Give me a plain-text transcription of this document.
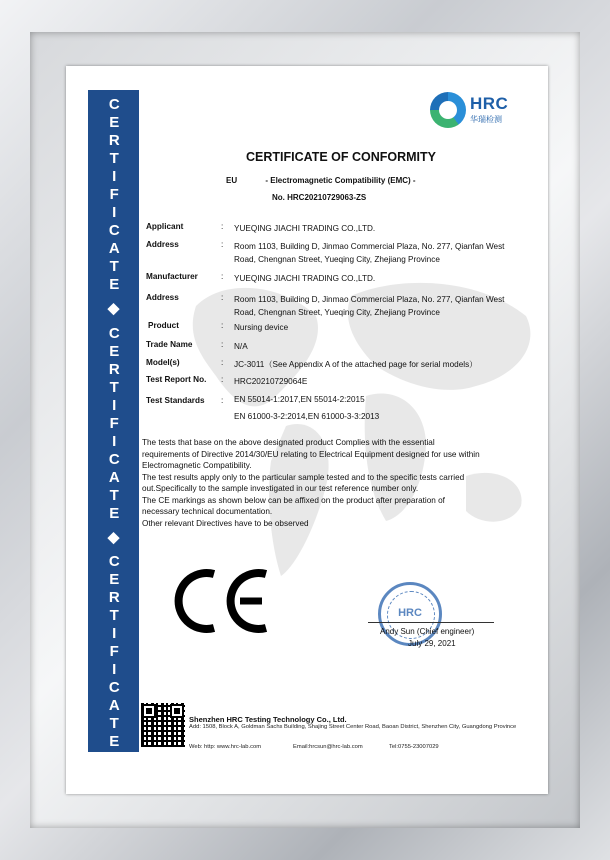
CERTIFICATE
◆
CERTIFICATE
◆
CERTIFICATE
HRC
华瑞检测
CERTIFICATE OF CONFORMITY
EU	- Electromagnetic Compatibility (EMC) -
No. HRC20210729063-ZS
Applicant	: YUEQING JIACHI TRADING CO.,LTD.
Address	: Room 1103, Building D, Jinmao Commercial Plaza, No. 277, Qianfan West Road, Chengnan Street, Yueqing City, Zhejiang Province
Manufacturer	: YUEQING JIACHI TRADING CO.,LTD.
Address	: Room 1103, Building D, Jinmao Commercial Plaza, No. 277, Qianfan West Road, Chengnan Street, Yueqing City, Zhejiang Province
Product	: Nursing device
Trade Name	: N/A
Model(s)	: JC-3011（See Appendix A of the attached page for serial models）
Test Report No.	: HRC20210729064E
Test Standards	: EN 55014-1:2017,EN 55014-2:2015
EN 61000-3-2:2014,EN 61000-3-3:2013

The tests that base on the above designated product Complies with the essential requirements of Directive 2014/30/EU relating to Electrical Equipment designed for use within Electromagnetic Compatibility.

The test results apply only to the particular sample tested and to the specific tests carried out.Specifically to the sample investigated in our test reference number only.

The CE markings as shown below can be affixed on the product after preparation of necessary technical documentation.

Other relevant Directives have to be observed

HRC
Andy Sun (Chief engineer)
July 29, 2021
Shenzhen HRC Testing Technology Co., Ltd.
Add: 1508, Block A, Goldman Sachs Building, Shajing Street Center Road, Baoan District, Shenzhen City, Guangdong Province
Web: http: www.hrc-lab.com	Email:hrcsun@hrc-lab.com	Tel:0755-23007029
